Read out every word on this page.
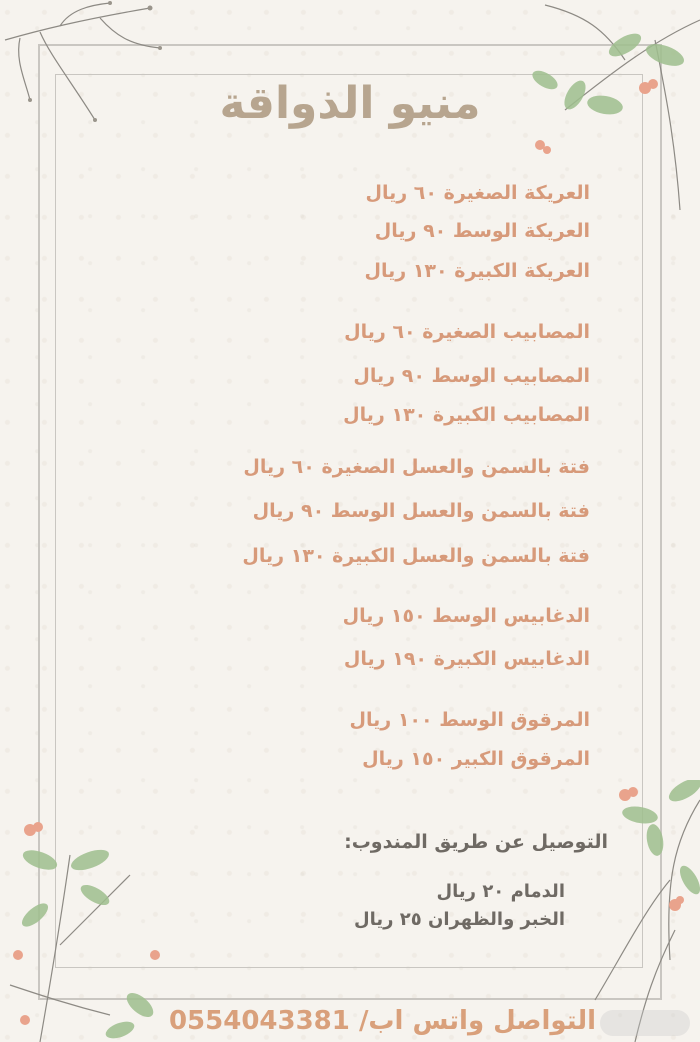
منيو الذواقة
العريكة الصغيرة ٦٠ ريال
العريكة الوسط ٩٠ ريال
العريكة الكبيرة ١٣٠ ريال
المصابيب الصغيرة ٦٠ ريال
المصابيب الوسط ٩٠ ريال
المصابيب الكبيرة ١٣٠ ريال
فتة بالسمن والعسل الصغيرة ٦٠ ريال
فتة بالسمن والعسل الوسط ٩٠ ريال
فتة بالسمن والعسل الكبيرة ١٣٠ ريال
الدغابيس الوسط ١٥٠ ريال
الدغابيس الكبيرة ١٩٠ ريال
المرقوق الوسط ١٠٠ ريال
المرقوق الكبير ١٥٠ ريال
التوصيل عن طريق المندوب:
الدمام ٢٠ ريال
الخبر والظهران ٢٥ ريال
التواصل واتس اب/ 0554043381
